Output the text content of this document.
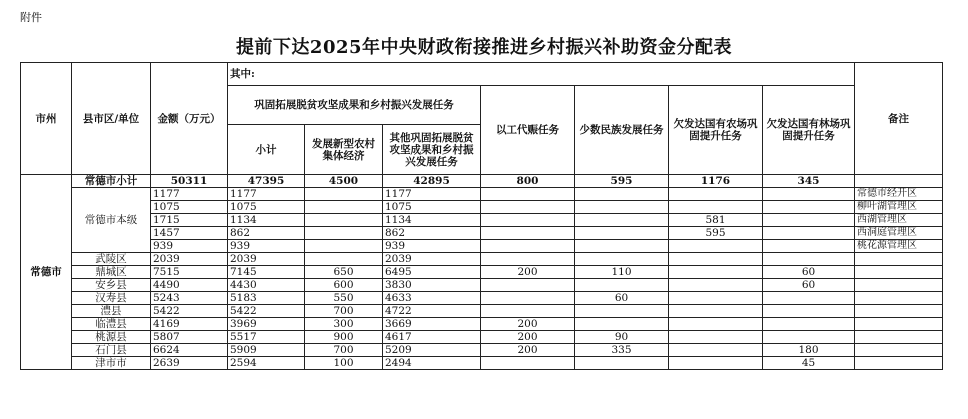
附件
提前下达2025年中央财政衔接推进乡村振兴补助资金分配表
市州	县市区/单位	金额（万元）	其中:							备注
			巩固拓展脱贫攻坚成果和乡村振兴发展任务			以工代赈任务	少数民族发展任务	欠发达国有农场巩固提升任务	欠发达国有林场巩固提升任务	
			小计	发展新型农村集体经济	其他巩固拓展脱贫攻坚成果和乡村振兴发展任务					
常德市	常德市小计	50311	47395	4500	42895	800	595	1176	345	
	常德市本级	1177	1177		1177					常德市经开区
		1075	1075		1075					柳叶湖管理区
		1715	1134		1134			581		西湖管理区
		1457	862		862			595		西洞庭管理区
		939	939		939					桃花源管理区
	武陵区	2039	2039		2039					
	鼎城区	7515	7145	650	6495	200	110		60	
	安乡县	4490	4430	600	3830				60	
	汉寿县	5243	5183	550	4633		60			
	澧县	5422	5422	700	4722					
	临澧县	4169	3969	300	3669	200				
	桃源县	5807	5517	900	4617	200	90			
	石门县	6624	5909	700	5209	200	335		180	
	津市市	2639	2594	100	2494				45	
